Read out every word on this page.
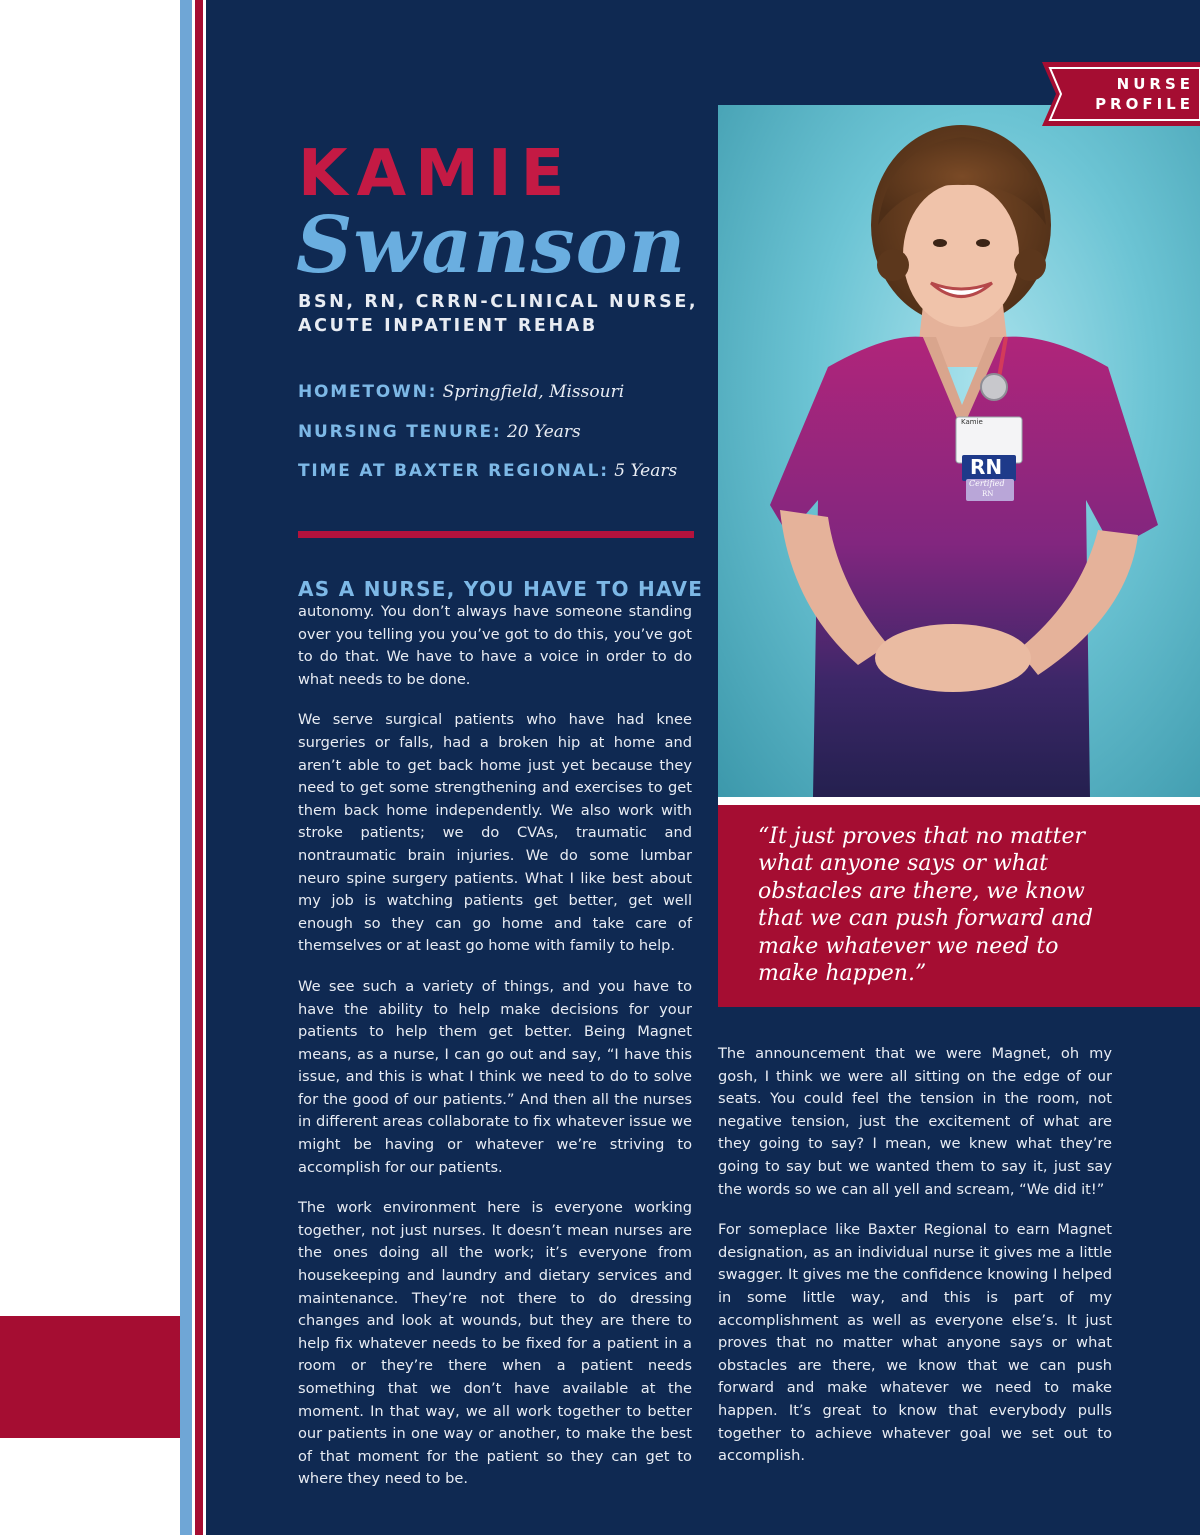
Kamie
RN
Certified
RN
NURSE
PROFILE
KAMIE
Swanson
BSN, RN, CRRN-CLINICAL NURSE,
ACUTE INPATIENT REHAB
HOMETOWN: Springfield, Missouri
NURSING TENURE: 20 Years
TIME AT BAXTER REGIONAL: 5 Years
AS A NURSE, YOU HAVE TO HAVE

autonomy. You don’t always have someone standing over you telling you you’ve got to do this, you’ve got to do that. We have to have a voice in order to do what needs to be done.

We serve surgical patients who have had knee surgeries or falls, had a broken hip at home and aren’t able to get back home just yet because they need to get some strengthening and exercises to get them back home independently. We also work with stroke patients; we do CVAs, traumatic and nontraumatic brain injuries. We do some lumbar neuro spine surgery patients. What I like best about my job is watching patients get better, get well enough so they can go home and take care of themselves or at least go home with family to help.

We see such a variety of things, and you have to have the ability to help make decisions for your patients to help them get better. Being Magnet means, as a nurse, I can go out and say, “I have this issue, and this is what I think we need to do to solve for the good of our patients.” And then all the nurses in different areas collaborate to fix whatever issue we might be having or whatever we’re striving to accomplish for our patients.

The work environment here is everyone working together, not just nurses. It doesn’t mean nurses are the ones doing all the work; it’s everyone from housekeeping and laundry and dietary services and maintenance. They’re not there to do dressing changes and look at wounds, but they are there to help fix whatever needs to be fixed for a patient in a room or they’re there when a patient needs something that we don’t have available at the moment. In that way, we all work together to better our patients in one way or another, to make the best of that moment for the patient so they can get to where they need to be.

“It just proves that no matter
what anyone says or what
obstacles are there, we know
that we can push forward and
make whatever we need to
make happen.”

The announcement that we were Magnet, oh my gosh, I think we were all sitting on the edge of our seats. You could feel the tension in the room, not negative tension, just the excitement of what are they going to say? I mean, we knew what they’re going to say but we wanted them to say it, just say the words so we can all yell and scream, “We did it!”

For someplace like Baxter Regional to earn Magnet designation, as an individual nurse it gives me a little swagger. It gives me the confidence knowing I helped in some little way, and this is part of my accomplishment as well as everyone else’s. It just proves that no matter what anyone says or what obstacles are there, we know that we can push forward and make whatever we need to make happen. It’s great to know that everybody pulls together to achieve whatever goal we set out to accomplish.
